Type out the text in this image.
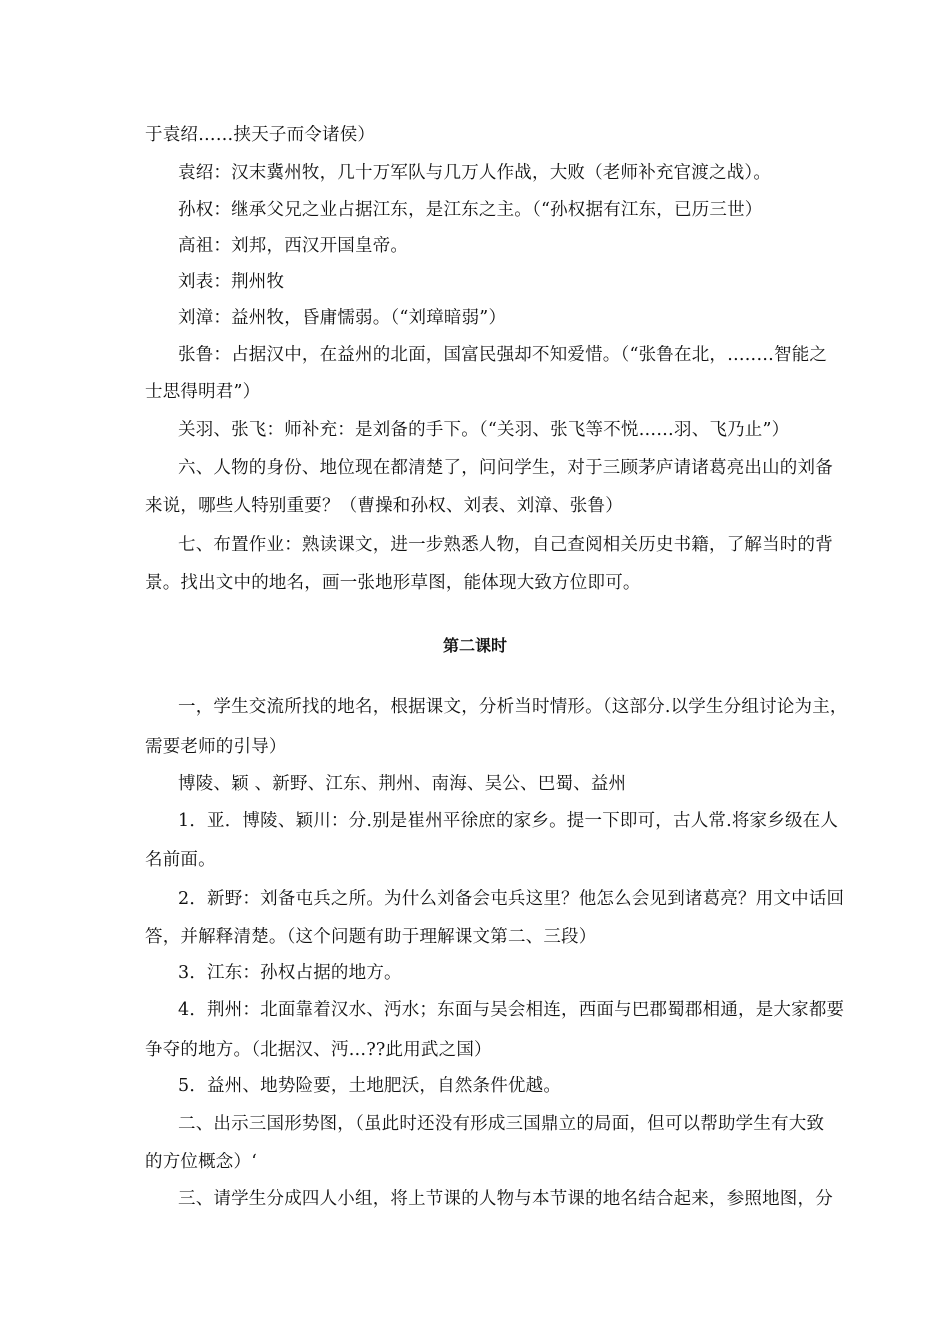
于袁绍……挟天子而令诸侯）
袁绍：汉末冀州牧，几十万军队与几万人作战，大败（老师补充官渡之战）。
孙权：继承父兄之业占据江东，是江东之主。（“孙权据有江东，已历三世）
高祖：刘邦，西汉开国皇帝。
刘表：荆州牧
刘漳：益州牧，昏庸懦弱。（“刘璋暗弱”）
张鲁：占据汉中，在益州的北面，国富民强却不知爱惜。（“张鲁在北，…..…智能之
士思得明君”）
关羽、张飞：师补充：是刘备的手下。（“关羽、张飞等不悦……羽、飞乃止”）
六、人物的身份、地位现在都清楚了，问问学生，对于三顾茅庐请诸葛亮出山的刘备
来说，哪些人特别重要？（曹操和孙权、刘表、刘漳、张鲁）
七、布置作业：熟读课文，进一步熟悉人物，自己查阅相关历史书籍，了解当时的背
景。找出文中的地名，画一张地形草图，能体现大致方位即可。
第二课时
一，学生交流所找的地名，根据课文，分析当时情形。（这部分.以学生分组讨论为主，
需要老师的引导）
博陵、颖 、新野、江东、荆州、南海、吴公、巴蜀、益州
1．亚．博陵、颖川：分.别是崔州平徐庶的家乡。提一下即可，古人常.将家乡级在人
名前面。
2．新野：刘备屯兵之所。为什么刘备会屯兵这里？他怎么会见到诸葛亮？用文中话回
答，并解释清楚。（这个问题有助于理解课文第二、三段）
3．江东：孙权占据的地方。
4．荆州：北面靠着汉水、沔水；东面与吴会相连，西面与巴郡蜀郡相通，是大家都要
争夺的地方。（北据汉、沔…??此用武之国）
5．益州、地势险要，土地肥沃，自然条件优越。
二、出示三国形势图，（虽此时还没有形成三国鼎立的局面，但可以帮助学生有大致
的方位概念）‘
三、请学生分成四人小组，将上节课的人物与本节课的地名结合起来，参照地图，分
